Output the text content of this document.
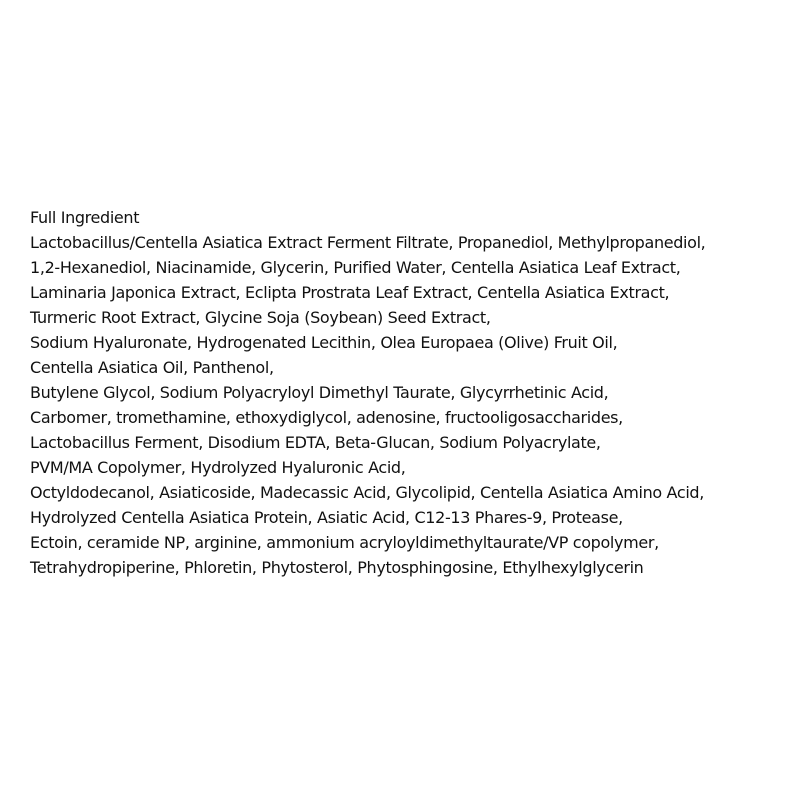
Full Ingredient
Lactobacillus/Centella Asiatica Extract Ferment Filtrate, Propanediol, Methylpropanediol,
1,2-Hexanediol, Niacinamide, Glycerin, Purified Water, Centella Asiatica Leaf Extract,
Laminaria Japonica Extract, Eclipta Prostrata Leaf Extract, Centella Asiatica Extract,
Turmeric Root Extract, Glycine Soja (Soybean) Seed Extract,
Sodium Hyaluronate, Hydrogenated Lecithin, Olea Europaea (Olive) Fruit Oil,
Centella Asiatica Oil, Panthenol,
Butylene Glycol, Sodium Polyacryloyl Dimethyl Taurate, Glycyrrhetinic Acid,
Carbomer, tromethamine, ethoxydiglycol, adenosine, fructooligosaccharides,
Lactobacillus Ferment, Disodium EDTA, Beta-Glucan, Sodium Polyacrylate,
PVM/MA Copolymer, Hydrolyzed Hyaluronic Acid,
Octyldodecanol, Asiaticoside, Madecassic Acid, Glycolipid, Centella Asiatica Amino Acid,
Hydrolyzed Centella Asiatica Protein, Asiatic Acid, C12-13 Phares-9, Protease,
Ectoin, ceramide NP, arginine, ammonium acryloyldimethyltaurate/VP copolymer,
Tetrahydropiperine, Phloretin, Phytosterol, Phytosphingosine, Ethylhexylglycerin
